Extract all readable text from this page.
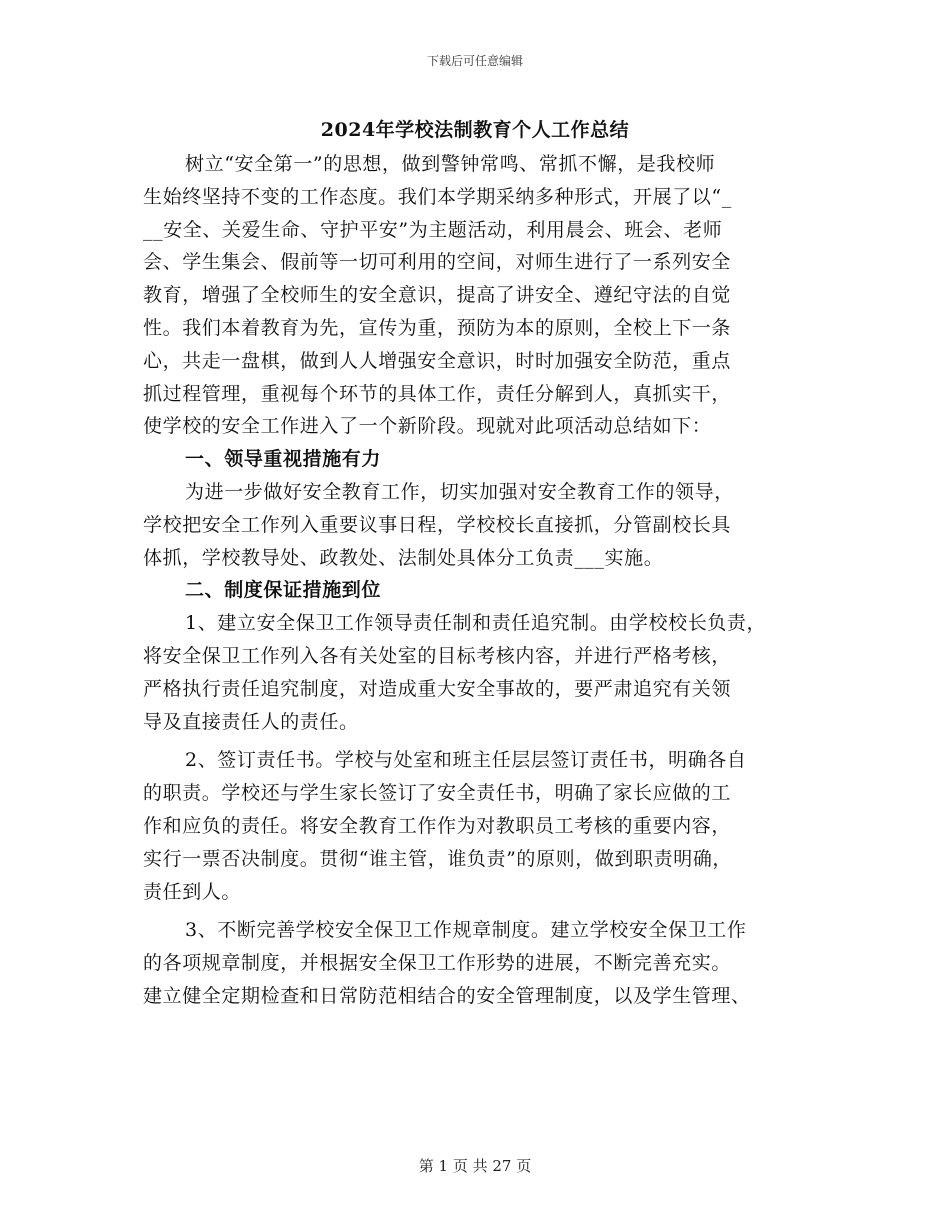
下载后可任意编辑
2024年学校法制教育个人工作总结
树立“安全第一”的思想，做到警钟常鸣、常抓不懈，是我校师
生始终坚持不变的工作态度。我们本学期采纳多种形式，开展了以“_
__安全、关爱生命、守护平安”为主题活动，利用晨会、班会、老师
会、学生集会、假前等一切可利用的空间，对师生进行了一系列安全
教育，增强了全校师生的安全意识，提高了讲安全、遵纪守法的自觉
性。我们本着教育为先，宣传为重，预防为本的原则，全校上下一条
心，共走一盘棋，做到人人增强安全意识，时时加强安全防范，重点
抓过程管理，重视每个环节的具体工作，责任分解到人，真抓实干，
使学校的安全工作进入了一个新阶段。现就对此项活动总结如下：
一、领导重视措施有力
为进一步做好安全教育工作，切实加强对安全教育工作的领导，
学校把安全工作列入重要议事日程，学校校长直接抓，分管副校长具
体抓，学校教导处、政教处、法制处具体分工负责___实施。
二、制度保证措施到位
1、建立安全保卫工作领导责任制和责任追究制。由学校校长负责，
将安全保卫工作列入各有关处室的目标考核内容，并进行严格考核，
严格执行责任追究制度，对造成重大安全事故的，要严肃追究有关领
导及直接责任人的责任。
2、签订责任书。学校与处室和班主任层层签订责任书，明确各自
的职责。学校还与学生家长签订了安全责任书，明确了家长应做的工
作和应负的责任。将安全教育工作作为对教职员工考核的重要内容，
实行一票否决制度。贯彻“谁主管，谁负责”的原则，做到职责明确，
责任到人。
3、不断完善学校安全保卫工作规章制度。建立学校安全保卫工作
的各项规章制度，并根据安全保卫工作形势的进展，不断完善充实。
建立健全定期检查和日常防范相结合的安全管理制度，以及学生管理、
第 1 页 共 27 页
